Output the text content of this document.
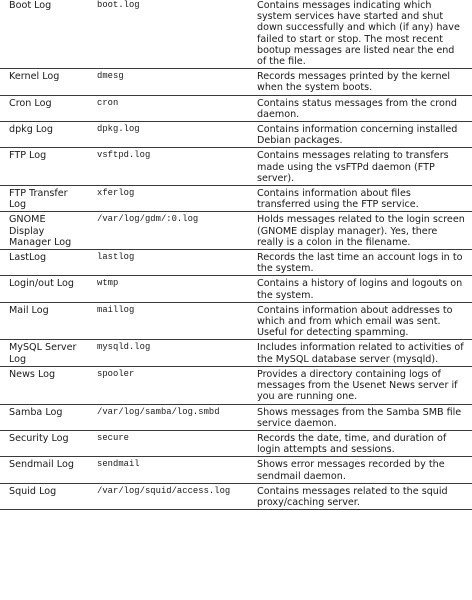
Boot Log	boot.log	Contains messages indicating which system services have started and shut down successfully and which (if any) have failed to start or stop. The most recent bootup messages are listed near the end of the file.
Kernel Log	dmesg	Records messages printed by the kernel when the system boots.
Cron Log	cron	Contains status messages from the crond daemon.
dpkg Log	dpkg.log	Contains information concerning installed Debian packages.
FTP Log	vsftpd.log	Contains messages relating to transfers made using the vsFTPd daemon (FTP server).
FTP Transfer Log	xferlog	Contains information about files transferred using the FTP service.
GNOME Display Manager Log	/var/log/gdm/:0.log	Holds messages related to the login screen (GNOME display manager). Yes, there really is a colon in the filename.
LastLog	lastlog	Records the last time an account logs in to the system.
Login/out Log	wtmp	Contains a history of logins and logouts on the system.
Mail Log	maillog	Contains information about addresses to which and from which email was sent. Useful for detecting spamming.
MySQL Server Log	mysqld.log	Includes information related to activities of the MySQL database server (mysqld).
News Log	spooler	Provides a directory containing logs of messages from the Usenet News server if you are running one.
Samba Log	/var/log/samba/log.smbd	Shows messages from the Samba SMB file service daemon.
Security Log	secure	Records the date, time, and duration of login attempts and sessions.
Sendmail Log	sendmail	Shows error messages recorded by the sendmail daemon.
Squid Log	/var/log/squid/access.log	Contains messages related to the squid proxy/caching server.
